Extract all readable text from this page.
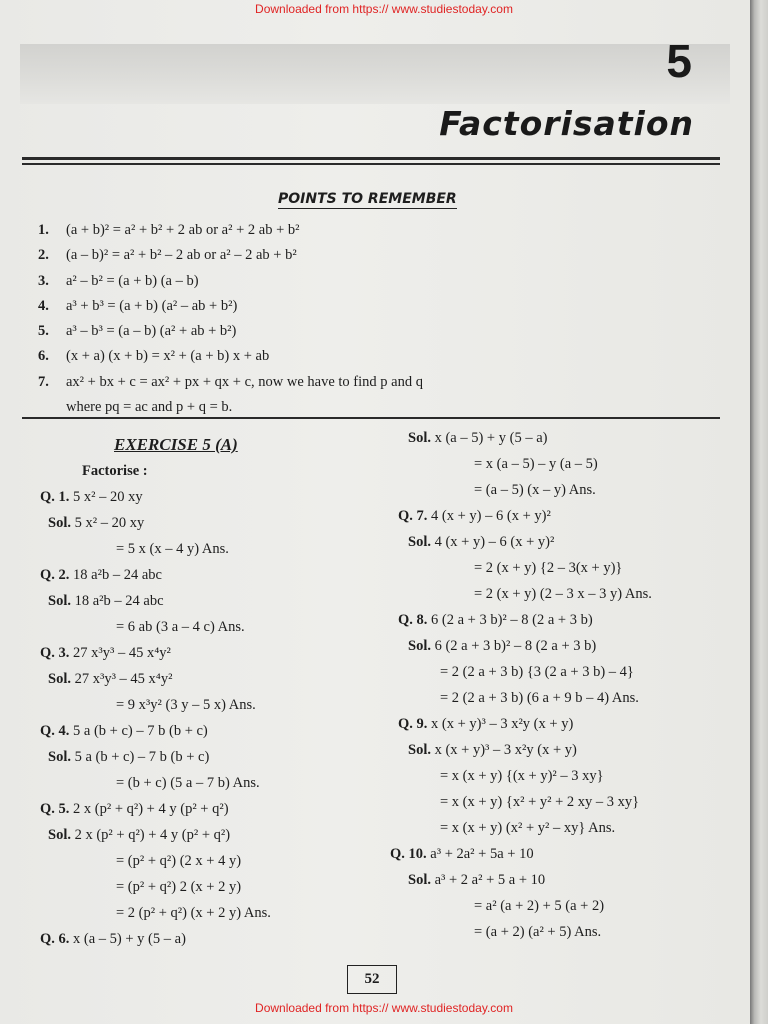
Downloaded from https:// www.studiestoday.com
5
Factorisation
POINTS TO REMEMBER
1.	(a + b)² = a² + b² + 2 ab or a² + 2 ab + b²
2.	(a – b)² = a² + b² – 2 ab or a² – 2 ab + b²
3.	a² – b² = (a + b) (a – b)
4.	a³ + b³ = (a + b) (a² – ab + b²)
5.	a³ – b³ = (a – b) (a² + ab + b²)
6.	(x + a) (x + b) = x² + (a + b) x + ab
7.	ax² + bx + c = ax² + px + qx + c, now we have to find p and q
where pq = ac and p + q = b.
EXERCISE 5 (A)
Factorise :
Q. 1. 5 x² – 20 xy
Sol. 5 x² – 20 xy
= 5 x (x – 4 y) Ans.
Q. 2. 18 a²b – 24 abc
Sol. 18 a²b – 24 abc
= 6 ab (3 a – 4 c) Ans.
Q. 3. 27 x³y³ – 45 x⁴y²
Sol. 27 x³y³ – 45 x⁴y²
= 9 x³y² (3 y – 5 x) Ans.
Q. 4. 5 a (b + c) – 7 b (b + c)
Sol. 5 a (b + c) – 7 b (b + c)
= (b + c) (5 a – 7 b) Ans.
Q. 5. 2 x (p² + q²) + 4 y (p² + q²)
Sol. 2 x (p² + q²) + 4 y (p² + q²)
= (p² + q²) (2 x + 4 y)
= (p² + q²) 2 (x + 2 y)
= 2 (p² + q²) (x + 2 y) Ans.
Q. 6. x (a – 5) + y (5 – a)
Sol. x (a – 5) + y (5 – a)
= x (a – 5) – y (a – 5)
= (a – 5) (x – y) Ans.
Q. 7. 4 (x + y) – 6 (x + y)²
Sol. 4 (x + y) – 6 (x + y)²
= 2 (x + y) {2 – 3(x + y)}
= 2 (x + y) (2 – 3 x – 3 y) Ans.
Q. 8. 6 (2 a + 3 b)² – 8 (2 a + 3 b)
Sol. 6 (2 a + 3 b)² – 8 (2 a + 3 b)
= 2 (2 a + 3 b) {3 (2 a + 3 b) – 4}
= 2 (2 a + 3 b) (6 a + 9 b – 4) Ans.
Q. 9. x (x + y)³ – 3 x²y (x + y)
Sol. x (x + y)³ – 3 x²y (x + y)
= x (x + y) {(x + y)² – 3 xy}
= x (x + y) {x² + y² + 2 xy – 3 xy}
= x (x + y) (x² + y² – xy} Ans.
Q. 10. a³ + 2a² + 5a + 10
Sol. a³ + 2 a² + 5 a + 10
= a² (a + 2) + 5 (a + 2)
= (a + 2) (a² + 5) Ans.
52
Downloaded from https:// www.studiestoday.com
